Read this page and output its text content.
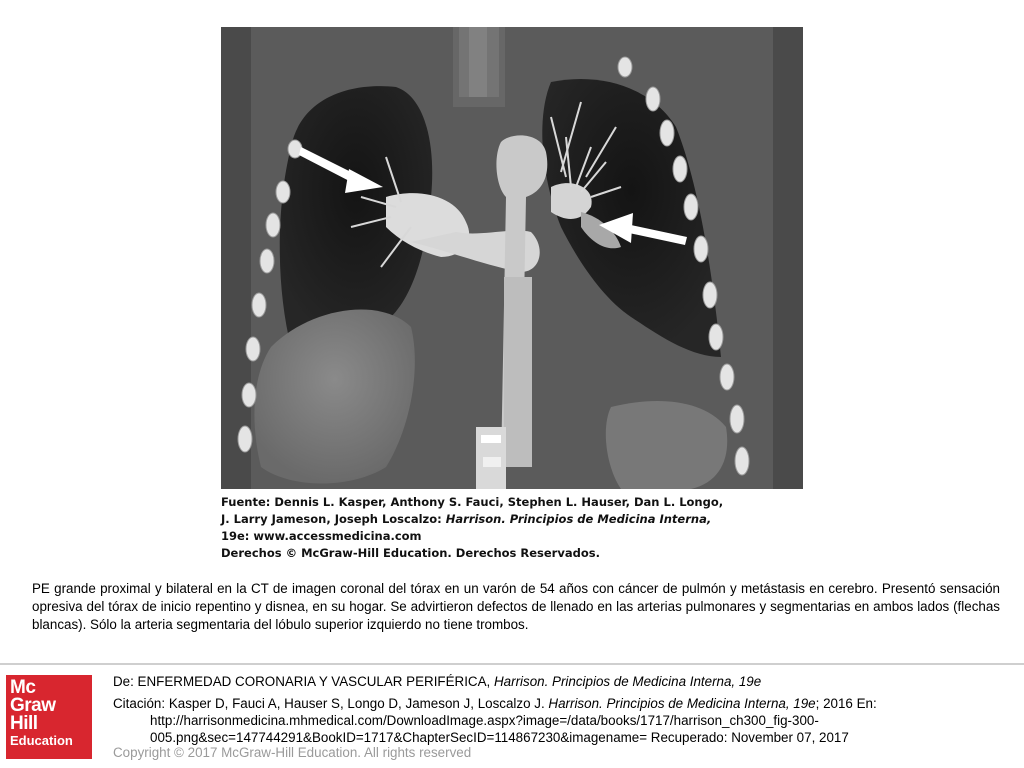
Fuente: Dennis L. Kasper, Anthony S. Fauci, Stephen L. Hauser, Dan L. Longo,
J. Larry Jameson, Joseph Loscalzo: Harrison. Principios de Medicina Interna,
19e: www.accessmedicina.com
Derechos © McGraw-Hill Education. Derechos Reservados.
PE grande proximal y bilateral en la CT de imagen coronal del tórax en un varón de 54 años con cáncer de pulmón y metástasis en cerebro. Presentó sensación opresiva del tórax de inicio repentino y disnea, en su hogar. Se advirtieron defectos de llenado en las arterias pulmonares y segmentarias en ambos lados (flechas blancas). Sólo la arteria segmentaria del lóbulo superior izquierdo no tiene trombos.
Mc
Graw
Hill
Education
De: ENFERMEDAD CORONARIA Y VASCULAR PERIFÉRICA, Harrison. Principios de Medicina Interna, 19e
Citación: Kasper D, Fauci A, Hauser S, Longo D, Jameson J, Loscalzo J. Harrison. Principios de Medicina Interna, 19e; 2016 En:
http://harrisonmedicina.mhmedical.com/DownloadImage.aspx?image=/data/books/1717/harrison_ch300_fig-300-
005.png&sec=147744291&BookID=1717&ChapterSecID=114867230&imagename= Recuperado: November 07, 2017
Copyright © 2017 McGraw-Hill Education. All rights reserved
